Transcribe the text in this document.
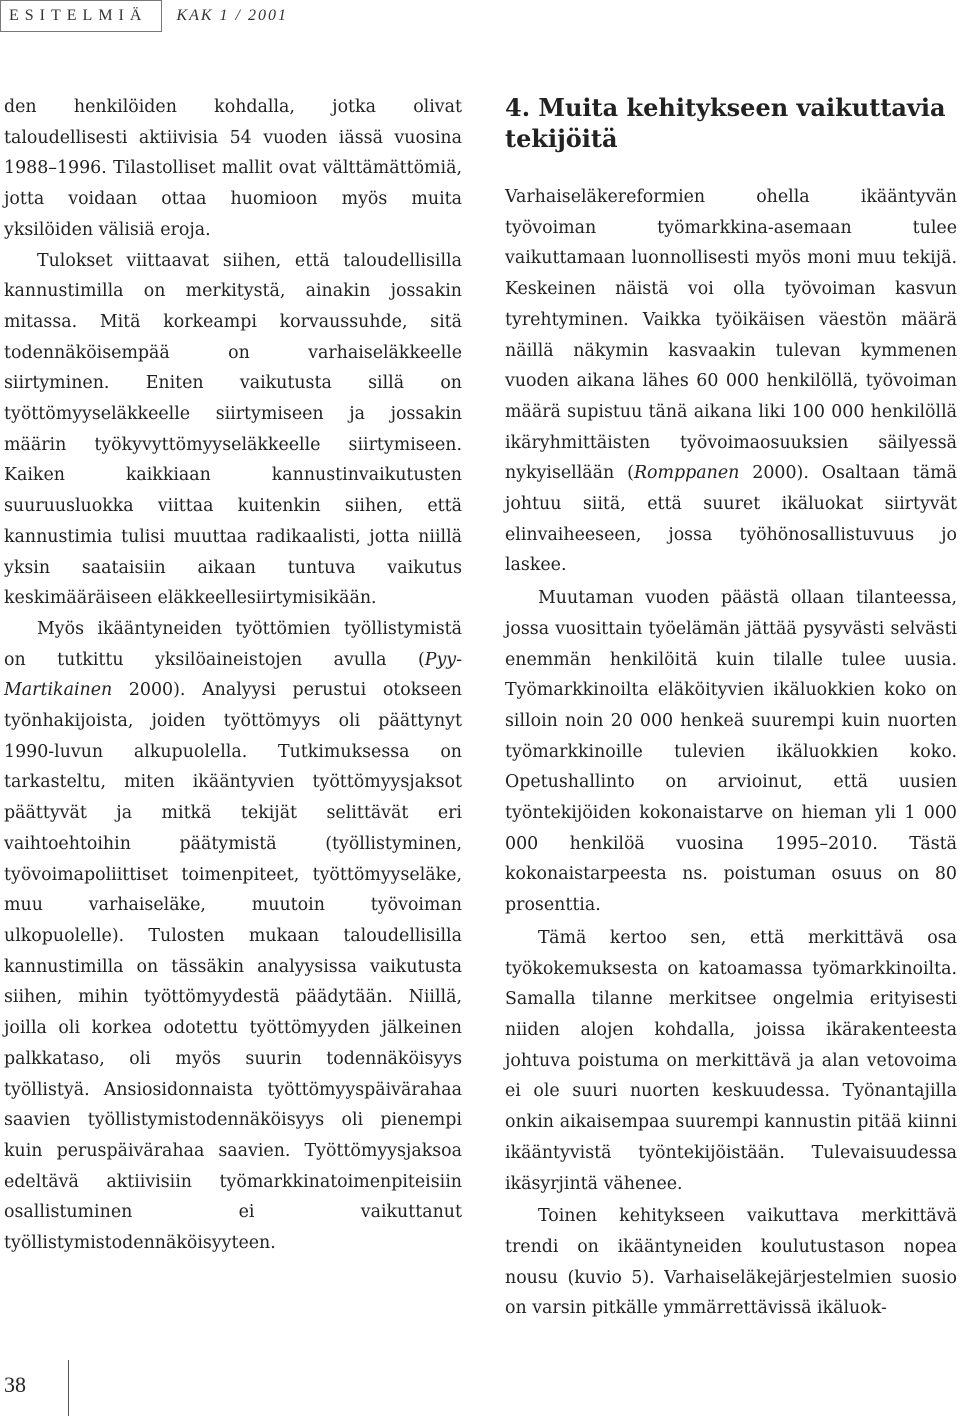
ESITELMIÄ	KAK 1 / 2001

den henkilöiden kohdalla, jotka olivat taloudellisesti aktiivisia 54 vuoden iässä vuosina 1988–1996. Tilastolliset mallit ovat välttämättömiä, jotta voidaan ottaa huomioon myös muita yksilöiden välisiä eroja.

Tulokset viittaavat siihen, että taloudellisilla kannustimilla on merkitystä, ainakin jossakin mitassa. Mitä korkeampi korvaussuhde, sitä todennäköisempää on varhaiseläkkeelle siirtyminen. Eniten vaikutusta sillä on työttömyyseläkkeelle siirtymiseen ja jossakin määrin työkyvyttömyyseläkkeelle siirtymiseen. Kaiken kaikkiaan kannustinvaikutusten suuruusluokka viittaa kuitenkin siihen, että kannustimia tulisi muuttaa radikaalisti, jotta niillä yksin saataisiin aikaan tuntuva vaikutus keskimääräiseen eläkkeellesiirtymisikään.

Myös ikääntyneiden työttömien työllistymistä on tutkittu yksilöaineistojen avulla (Pyy-Martikainen 2000). Analyysi perustui otokseen työnhakijoista, joiden työttömyys oli päättynyt 1990-luvun alkupuolella. Tutkimuksessa on tarkasteltu, miten ikääntyvien työttömyysjaksot päättyvät ja mitkä tekijät selittävät eri vaihtoehtoihin päätymistä (työllistyminen, työvoimapoliittiset toimenpiteet, työttömyyseläke, muu varhaiseläke, muutoin työvoiman ulkopuolelle). Tulosten mukaan taloudellisilla kannustimilla on tässäkin analyysissa vaikutusta siihen, mihin työttömyydestä päädytään. Niillä, joilla oli korkea odotettu työttömyyden jälkeinen palkkataso, oli myös suurin todennäköisyys työllistyä. Ansiosidonnaista työttömyyspäivärahaa saavien työllistymistodennäköisyys oli pienempi kuin peruspäivärahaa saavien. Työttömyysjaksoa edeltävä aktiivisiin työmarkkinatoimenpiteisiin osallistuminen ei vaikuttanut työllistymistodennäköisyyteen.

4. Muita kehitykseen vaikuttavia tekijöitä

Varhaiseläkereformien ohella ikääntyvän työvoiman työmarkkina-asemaan tulee vaikuttamaan luonnollisesti myös moni muu tekijä. Keskeinen näistä voi olla työvoiman kasvun tyrehtyminen. Vaikka työikäisen väestön määrä näillä näkymin kasvaakin tulevan kymmenen vuoden aikana lähes 60 000 henkilöllä, työvoiman määrä supistuu tänä aikana liki 100 000 henkilöllä ikäryhmittäisten työvoimaosuuksien säilyessä nykyisellään (Romppanen 2000). Osaltaan tämä johtuu siitä, että suuret ikäluokat siirtyvät elinvaiheeseen, jossa työhönosallistuvuus jo laskee.

Muutaman vuoden päästä ollaan tilanteessa, jossa vuosittain työelämän jättää pysyvästi selvästi enemmän henkilöitä kuin tilalle tulee uusia. Työmarkkinoilta eläköityvien ikäluokkien koko on silloin noin 20 000 henkeä suurempi kuin nuorten työmarkkinoille tulevien ikäluokkien koko. Opetushallinto on arvioinut, että uusien työntekijöiden kokonaistarve on hieman yli 1 000 000 henkilöä vuosina 1995–2010. Tästä kokonaistarpeesta ns. poistuman osuus on 80 prosenttia.

Tämä kertoo sen, että merkittävä osa työkokemuksesta on katoamassa työmarkkinoilta. Samalla tilanne merkitsee ongelmia erityisesti niiden alojen kohdalla, joissa ikärakenteesta johtuva poistuma on merkittävä ja alan vetovoima ei ole suuri nuorten keskuudessa. Työnantajilla onkin aikaisempaa suurempi kannustin pitää kiinni ikääntyvistä työntekijöistään. Tulevaisuudessa ikäsyrjintä vähenee.

Toinen kehitykseen vaikuttava merkittävä trendi on ikääntyneiden koulutustason nopea nousu (kuvio 5). Varhaiseläkejärjestelmien suosio on varsin pitkälle ymmärrettävissä ikäluok-

38
